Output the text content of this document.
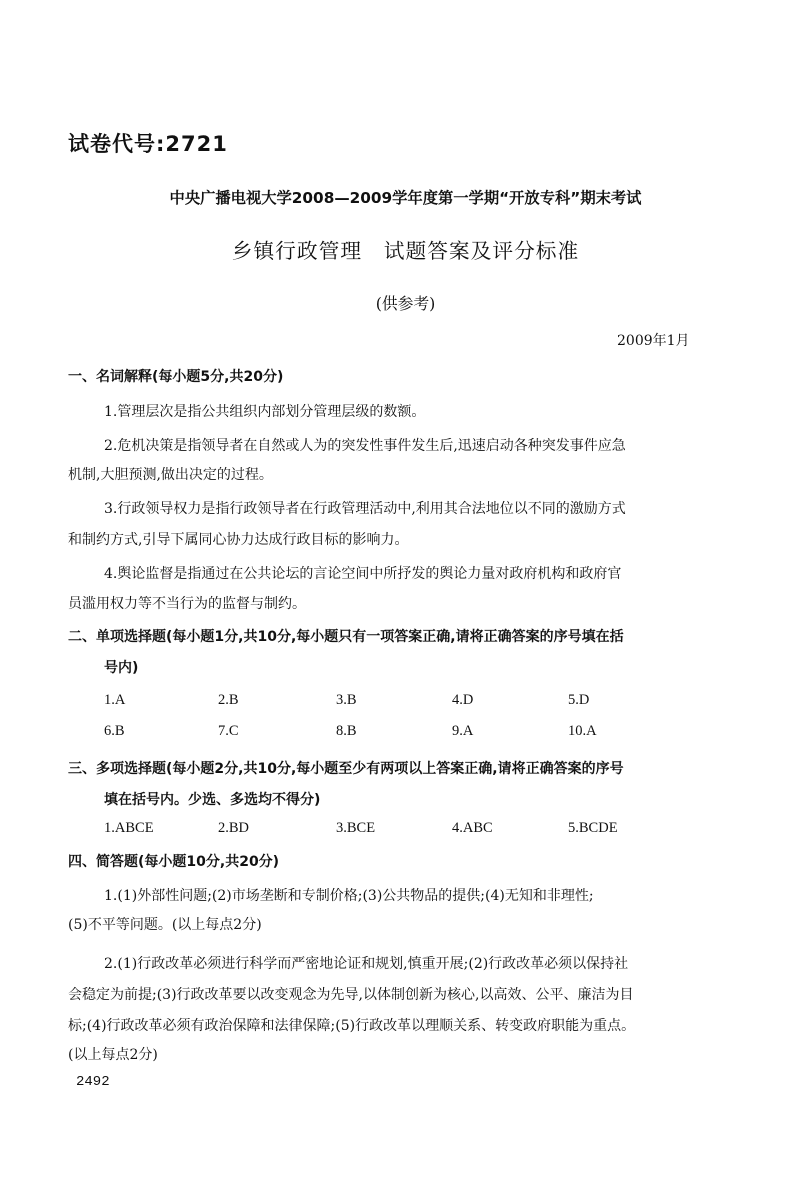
试卷代号:2721
中央广播电视大学2008—2009学年度第一学期“开放专科”期末考试
乡镇行政管理　试题答案及评分标准
(供参考)
2009年1月
一、名词解释(每小题5分,共20分)
1.管理层次是指公共组织内部划分管理层级的数额。
2.危机决策是指领导者在自然或人为的突发性事件发生后,迅速启动各种突发事件应急
机制,大胆预测,做出决定的过程。
3.行政领导权力是指行政领导者在行政管理活动中,利用其合法地位以不同的激励方式
和制约方式,引导下属同心协力达成行政目标的影响力。
4.舆论监督是指通过在公共论坛的言论空间中所抒发的舆论力量对政府机构和政府官
员滥用权力等不当行为的监督与制约。
二、单项选择题(每小题1分,共10分,每小题只有一项答案正确,请将正确答案的序号填在括
号内)
1.A	2.B	3.B	4.D	5.D
6.B	7.C	8.B	9.A	10.A
三、多项选择题(每小题2分,共10分,每小题至少有两项以上答案正确,请将正确答案的序号
填在括号内。少选、多选均不得分)
1.ABCE	2.BD	3.BCE	4.ABC	5.BCDE
四、简答题(每小题10分,共20分)
1.(1)外部性问题;(2)市场垄断和专制价格;(3)公共物品的提供;(4)无知和非理性;
(5)不平等问题。(以上每点2分)
2.(1)行政改革必须进行科学而严密地论证和规划,慎重开展;(2)行政改革必须以保持社
会稳定为前提;(3)行政改革要以改变观念为先导,以体制创新为核心,以高效、公平、廉洁为目
标;(4)行政改革必须有政治保障和法律保障;(5)行政改革以理顺关系、转变政府职能为重点。
(以上每点2分)
2492
